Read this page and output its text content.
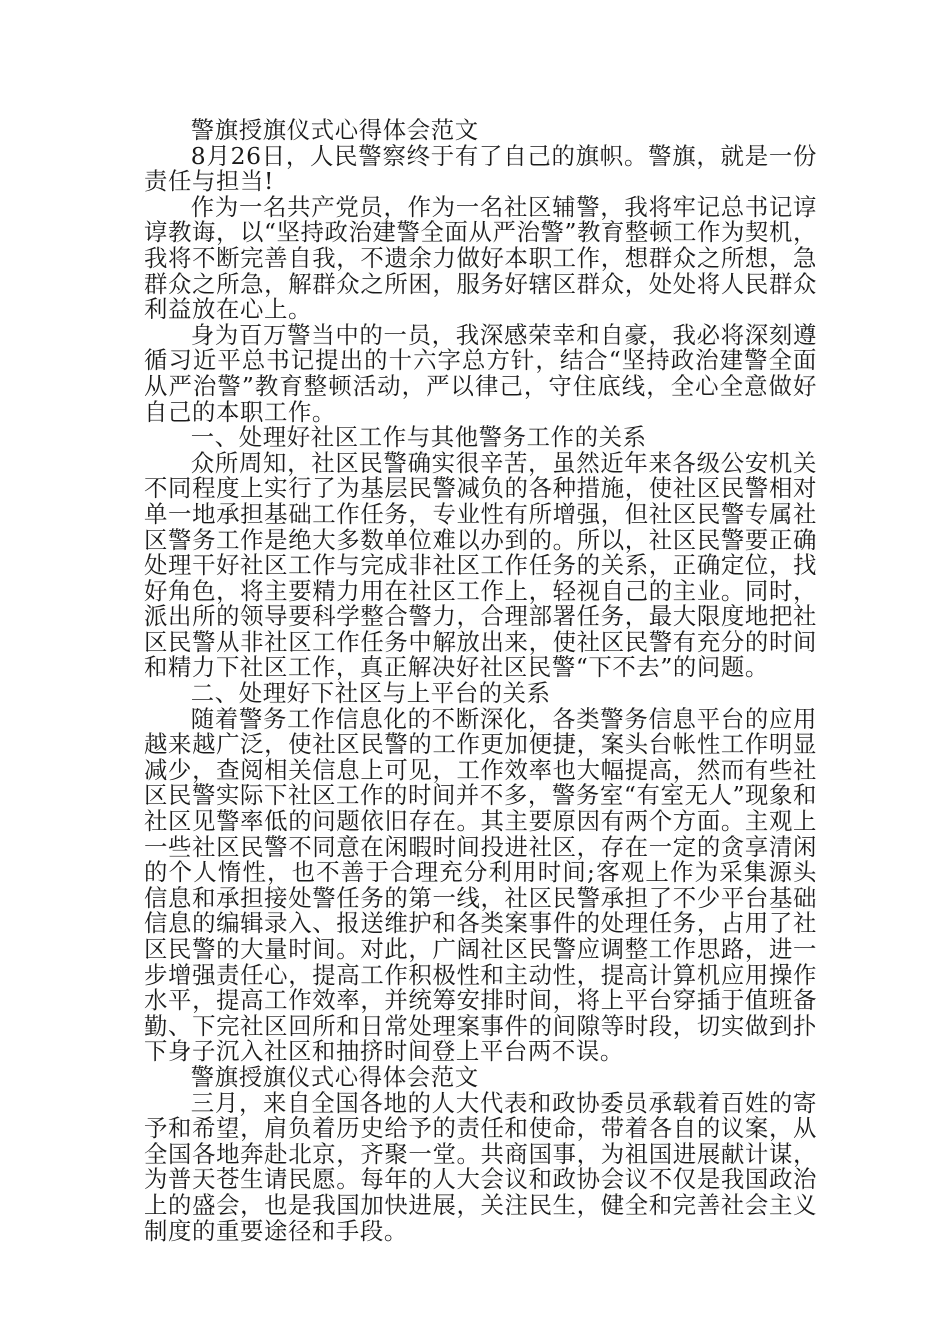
警旗授旗仪式心得体会范文

8月26日，人民警察终于有了自己的旗帜。警旗，就是一份责任与担当!

作为一名共产党员，作为一名社区辅警，我将牢记总书记谆谆教诲，以“坚持政治建警全面从严治警”教育整顿工作为契机，我将不断完善自我，不遗余力做好本职工作，想群众之所想，急群众之所急，解群众之所困，服务好辖区群众，处处将人民群众利益放在心上。

身为百万警当中的一员，我深感荣幸和自豪，我必将深刻遵循习近平总书记提出的十六字总方针，结合“坚持政治建警全面从严治警”教育整顿活动，严以律己，守住底线，全心全意做好自己的本职工作。

一、处理好社区工作与其他警务工作的关系

众所周知，社区民警确实很辛苦，虽然近年来各级公安机关不同程度上实行了为基层民警减负的各种措施，使社区民警相对单一地承担基础工作任务，专业性有所增强，但社区民警专属社区警务工作是绝大多数单位难以办到的。所以，社区民警要正确处理干好社区工作与完成非社区工作任务的关系，正确定位，找好角色，将主要精力用在社区工作上，轻视自己的主业。同时，派出所的领导要科学整合警力，合理部署任务，最大限度地把社区民警从非社区工作任务中解放出来，使社区民警有充分的时间和精力下社区工作，真正解决好社区民警“下不去”的问题。

二、处理好下社区与上平台的关系

随着警务工作信息化的不断深化，各类警务信息平台的应用越来越广泛，使社区民警的工作更加便捷，案头台帐性工作明显减少，查阅相关信息上可见，工作效率也大幅提高，然而有些社区民警实际下社区工作的时间并不多，警务室“有室无人”现象和社区见警率低的问题依旧存在。其主要原因有两个方面。主观上一些社区民警不同意在闲暇时间投进社区，存在一定的贪享清闲的个人惰性，也不善于合理充分利用时间;客观上作为采集源头信息和承担接处警任务的第一线，社区民警承担了不少平台基础信息的编辑录入、报送维护和各类案事件的处理任务，占用了社区民警的大量时间。对此，广阔社区民警应调整工作思路，进一步增强责任心，提高工作积极性和主动性，提高计算机应用操作水平，提高工作效率，并统筹安排时间，将上平台穿插于值班备勤、下完社区回所和日常处理案事件的间隙等时段，切实做到扑下身子沉入社区和抽挤时间登上平台两不误。

警旗授旗仪式心得体会范文

三月，来自全国各地的人大代表和政协委员承载着百姓的寄予和希望，肩负着历史给予的责任和使命，带着各自的议案，从全国各地奔赴北京，齐聚一堂。共商国事，为祖国进展献计谋，为普天苍生请民愿。每年的人大会议和政协会议不仅是我国政治上的盛会，也是我国加快进展，关注民生，健全和完善社会主义制度的重要途径和手段。
